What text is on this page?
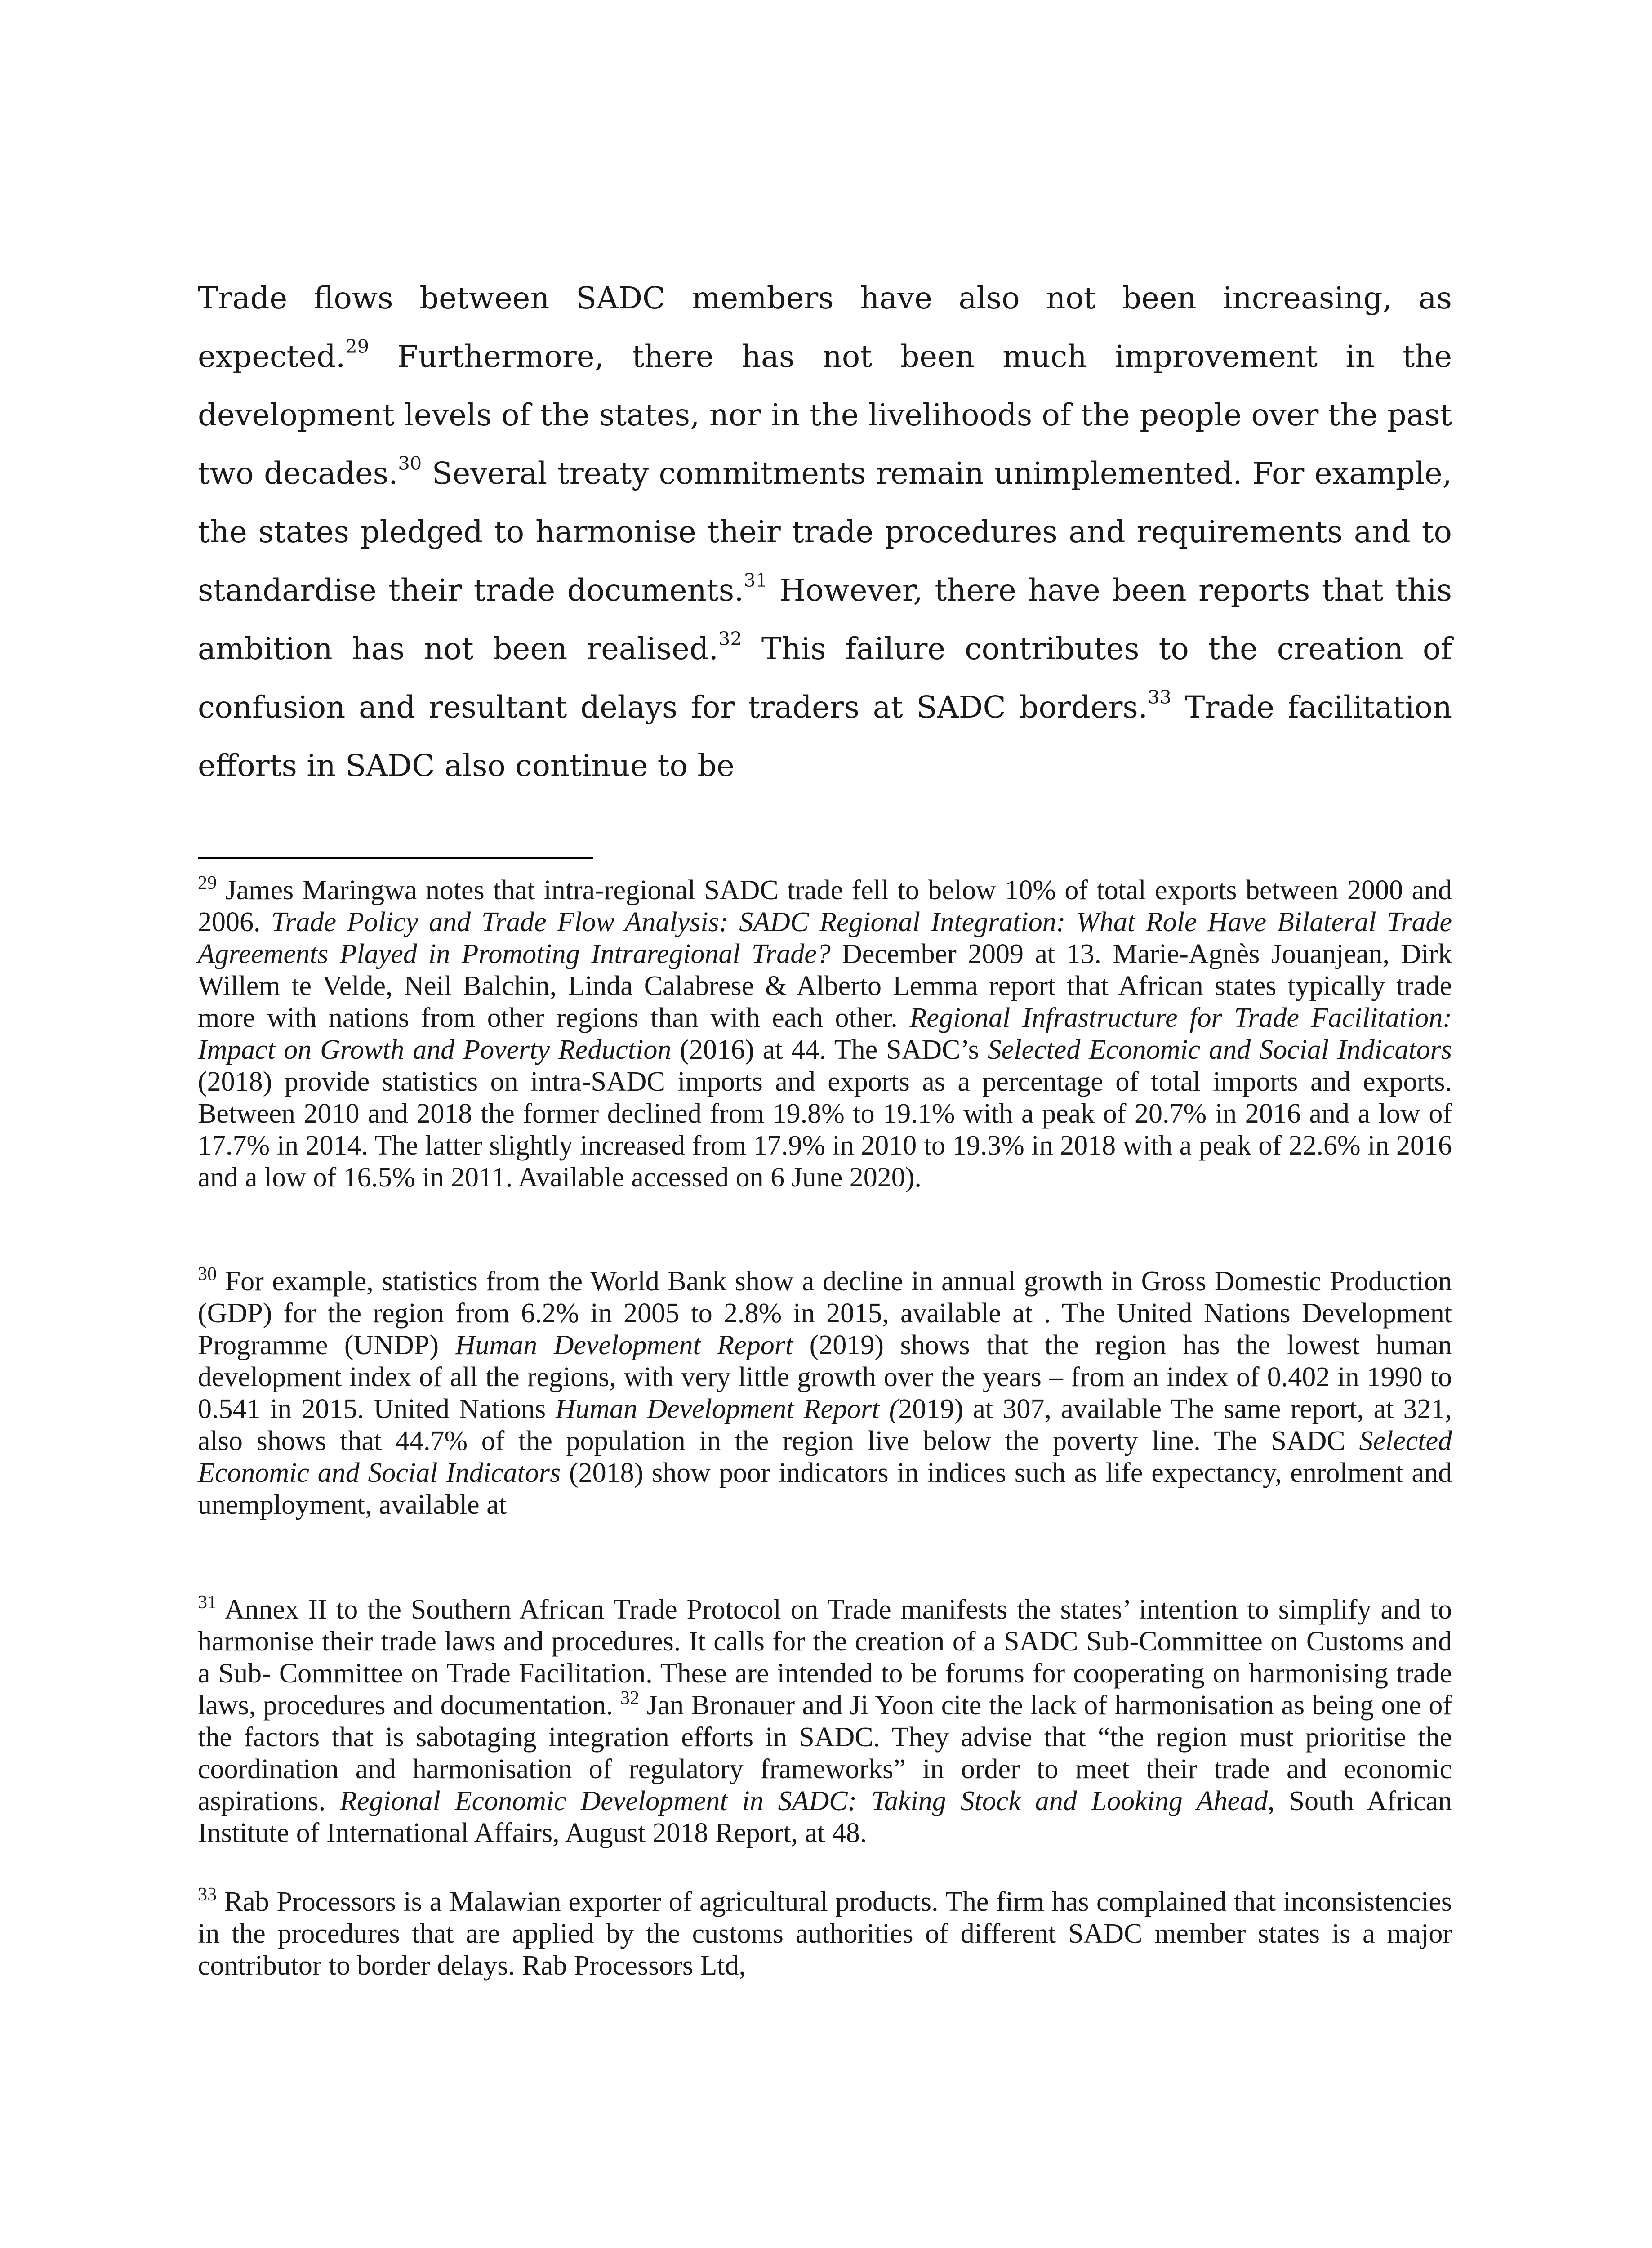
Trade flows between SADC members have also not been increasing, as expected.$^{29}$ Furthermore, there has not been much improvement in the development levels of the states, nor in the livelihoods of the people over the past two decades.$^{30}$ Several treaty commitments remain unimplemented. For example, the states pledged to harmonise their trade procedures and requirements and to standardise their trade documents.$^{31}$ However, there have been reports that this ambition has not been realised.$^{32}$ This failure contributes to the creation of confusion and resultant delays for traders at SADC borders.$^{33}$ Trade facilitation efforts in SADC also continue to be

$^{29}$ James Maringwa notes that intra-regional SADC trade fell to below 10% of total exports between 2000 and 2006. Trade Policy and Trade Flow Analysis: SADC Regional Integration: What Role Have Bilateral Trade Agreements Played in Promoting Intraregional Trade? December 2009 at 13. Marie-Agnès Jouanjean, Dirk Willem te Velde, Neil Balchin, Linda Calabrese & Alberto Lemma report that African states typically trade more with nations from other regions than with each other. Regional Infrastructure for Trade Facilitation: Impact on Growth and Poverty Reduction (2016) at 44. The SADC’s Selected Economic and Social Indicators (2018) provide statistics on intra-SADC imports and exports as a percentage of total imports and exports. Between 2010 and 2018 the former declined from 19.8% to 19.1% with a peak of 20.7% in 2016 and a low of 17.7% in 2014. The latter slightly increased from 17.9% in 2010 to 19.3% in 2018 with a peak of 22.6% in 2016 and a low of 16.5% in 2011. Available accessed on 6 June 2020).

$^{30}$ For example, statistics from the World Bank show a decline in annual growth in Gross Domestic Production (GDP) for the region from 6.2% in 2005 to 2.8% in 2015, available at . The United Nations Development Programme (UNDP) Human Development Report (2019) shows that the region has the lowest human development index of all the regions, with very little growth over the years – from an index of 0.402 in 1990 to 0.541 in 2015. United Nations Human Development Report (2019) at 307, available The same report, at 321, also shows that 44.7% of the population in the region live below the poverty line. The SADC Selected Economic and Social Indicators (2018) show poor indicators in indices such as life expectancy, enrolment and unemployment, available at

$^{31}$ Annex II to the Southern African Trade Protocol on Trade manifests the states’ intention to simplify and to harmonise their trade laws and procedures. It calls for the creation of a SADC Sub-Committee on Customs and a Sub- Committee on Trade Facilitation. These are intended to be forums for cooperating on harmonising trade laws, procedures and documentation. $^{32}$ Jan Bronauer and Ji Yoon cite the lack of harmonisation as being one of the factors that is sabotaging integration efforts in SADC. They advise that “the region must prioritise the coordination and harmonisation of regulatory frameworks” in order to meet their trade and economic aspirations. Regional Economic Development in SADC: Taking Stock and Looking Ahead, South African Institute of International Affairs, August 2018 Report, at 48.

$^{33}$ Rab Processors is a Malawian exporter of agricultural products. The firm has complained that inconsistencies in the procedures that are applied by the customs authorities of different SADC member states is a major contributor to border delays. Rab Processors Ltd,
